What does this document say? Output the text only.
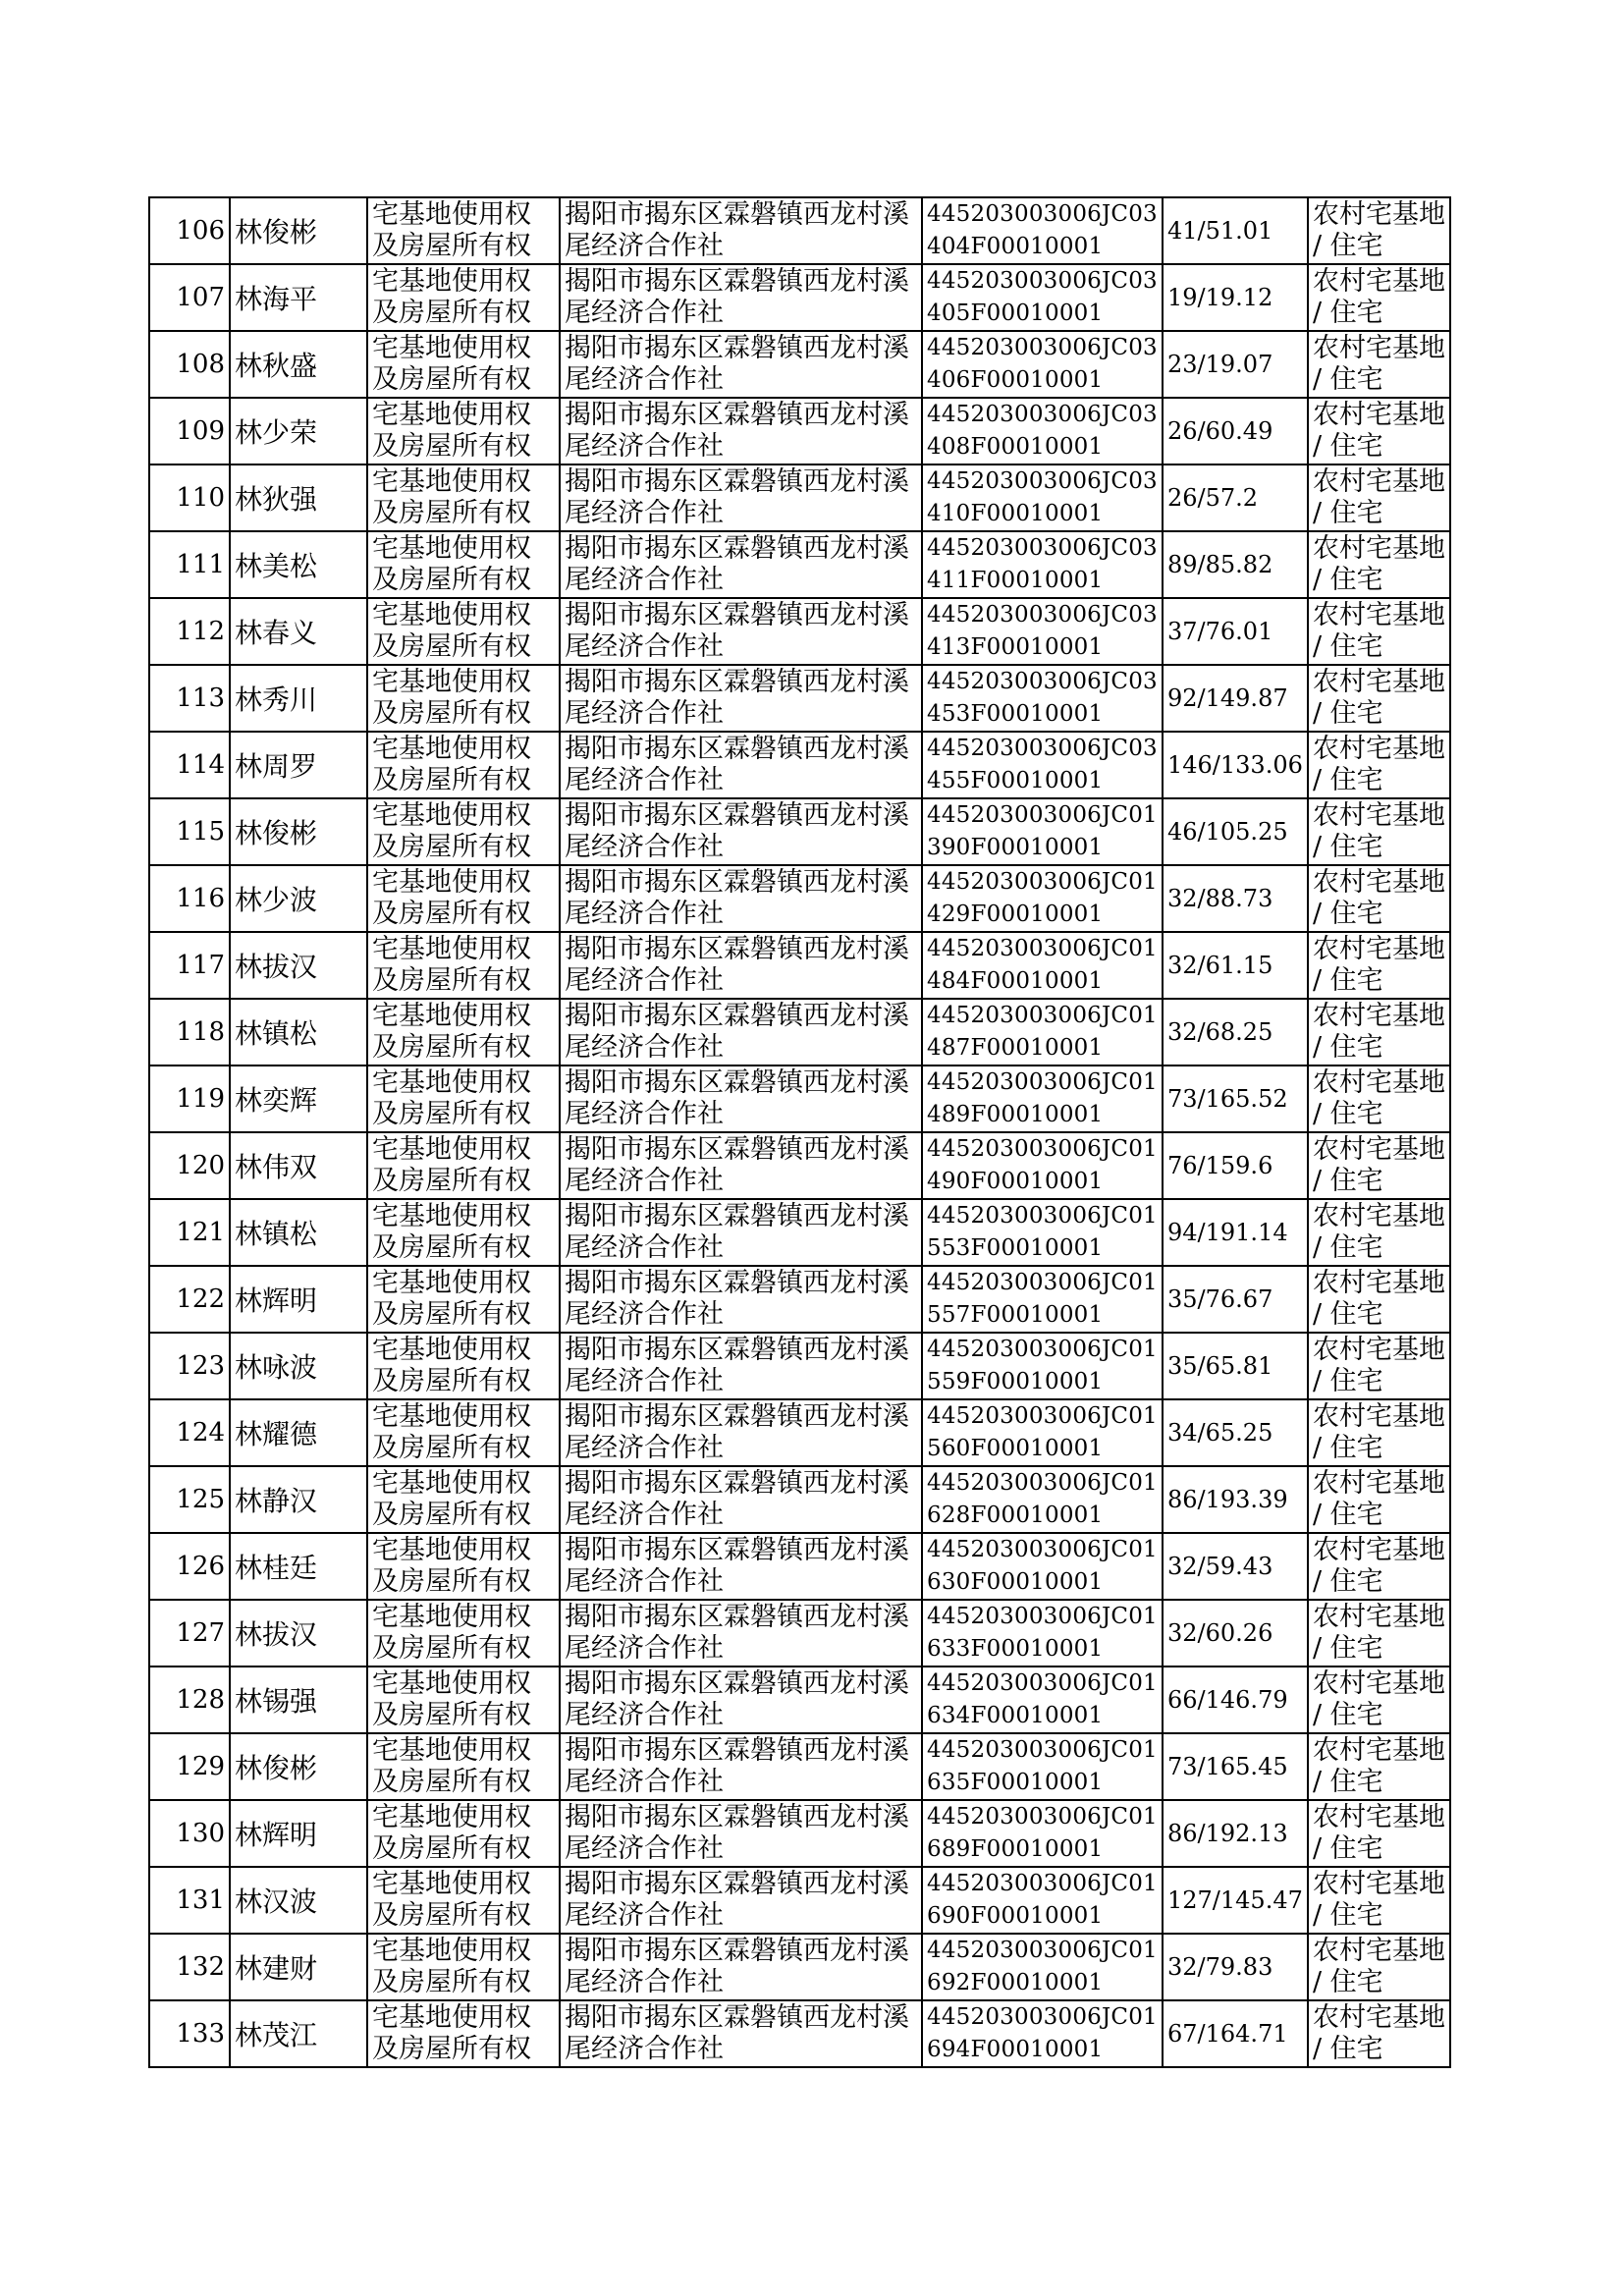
106	林俊彬	宅基地使用权及房屋所有权	揭阳市揭东区霖磐镇西龙村溪尾经济合作社	445203003006JC03404F00010001	41/51.01	农村宅基地 / 住宅
107	林海平	宅基地使用权及房屋所有权	揭阳市揭东区霖磐镇西龙村溪尾经济合作社	445203003006JC03405F00010001	19/19.12	农村宅基地 / 住宅
108	林秋盛	宅基地使用权及房屋所有权	揭阳市揭东区霖磐镇西龙村溪尾经济合作社	445203003006JC03406F00010001	23/19.07	农村宅基地 / 住宅
109	林少荣	宅基地使用权及房屋所有权	揭阳市揭东区霖磐镇西龙村溪尾经济合作社	445203003006JC03408F00010001	26/60.49	农村宅基地 / 住宅
110	林狄强	宅基地使用权及房屋所有权	揭阳市揭东区霖磐镇西龙村溪尾经济合作社	445203003006JC03410F00010001	26/57.2	农村宅基地 / 住宅
111	林美松	宅基地使用权及房屋所有权	揭阳市揭东区霖磐镇西龙村溪尾经济合作社	445203003006JC03411F00010001	89/85.82	农村宅基地 / 住宅
112	林春义	宅基地使用权及房屋所有权	揭阳市揭东区霖磐镇西龙村溪尾经济合作社	445203003006JC03413F00010001	37/76.01	农村宅基地 / 住宅
113	林秀川	宅基地使用权及房屋所有权	揭阳市揭东区霖磐镇西龙村溪尾经济合作社	445203003006JC03453F00010001	92/149.87	农村宅基地 / 住宅
114	林周罗	宅基地使用权及房屋所有权	揭阳市揭东区霖磐镇西龙村溪尾经济合作社	445203003006JC03455F00010001	146/133.06	农村宅基地 / 住宅
115	林俊彬	宅基地使用权及房屋所有权	揭阳市揭东区霖磐镇西龙村溪尾经济合作社	445203003006JC01390F00010001	46/105.25	农村宅基地 / 住宅
116	林少波	宅基地使用权及房屋所有权	揭阳市揭东区霖磐镇西龙村溪尾经济合作社	445203003006JC01429F00010001	32/88.73	农村宅基地 / 住宅
117	林拔汉	宅基地使用权及房屋所有权	揭阳市揭东区霖磐镇西龙村溪尾经济合作社	445203003006JC01484F00010001	32/61.15	农村宅基地 / 住宅
118	林镇松	宅基地使用权及房屋所有权	揭阳市揭东区霖磐镇西龙村溪尾经济合作社	445203003006JC01487F00010001	32/68.25	农村宅基地 / 住宅
119	林奕辉	宅基地使用权及房屋所有权	揭阳市揭东区霖磐镇西龙村溪尾经济合作社	445203003006JC01489F00010001	73/165.52	农村宅基地 / 住宅
120	林伟双	宅基地使用权及房屋所有权	揭阳市揭东区霖磐镇西龙村溪尾经济合作社	445203003006JC01490F00010001	76/159.6	农村宅基地 / 住宅
121	林镇松	宅基地使用权及房屋所有权	揭阳市揭东区霖磐镇西龙村溪尾经济合作社	445203003006JC01553F00010001	94/191.14	农村宅基地 / 住宅
122	林辉明	宅基地使用权及房屋所有权	揭阳市揭东区霖磐镇西龙村溪尾经济合作社	445203003006JC01557F00010001	35/76.67	农村宅基地 / 住宅
123	林咏波	宅基地使用权及房屋所有权	揭阳市揭东区霖磐镇西龙村溪尾经济合作社	445203003006JC01559F00010001	35/65.81	农村宅基地 / 住宅
124	林耀德	宅基地使用权及房屋所有权	揭阳市揭东区霖磐镇西龙村溪尾经济合作社	445203003006JC01560F00010001	34/65.25	农村宅基地 / 住宅
125	林静汉	宅基地使用权及房屋所有权	揭阳市揭东区霖磐镇西龙村溪尾经济合作社	445203003006JC01628F00010001	86/193.39	农村宅基地 / 住宅
126	林桂廷	宅基地使用权及房屋所有权	揭阳市揭东区霖磐镇西龙村溪尾经济合作社	445203003006JC01630F00010001	32/59.43	农村宅基地 / 住宅
127	林拔汉	宅基地使用权及房屋所有权	揭阳市揭东区霖磐镇西龙村溪尾经济合作社	445203003006JC01633F00010001	32/60.26	农村宅基地 / 住宅
128	林锡强	宅基地使用权及房屋所有权	揭阳市揭东区霖磐镇西龙村溪尾经济合作社	445203003006JC01634F00010001	66/146.79	农村宅基地 / 住宅
129	林俊彬	宅基地使用权及房屋所有权	揭阳市揭东区霖磐镇西龙村溪尾经济合作社	445203003006JC01635F00010001	73/165.45	农村宅基地 / 住宅
130	林辉明	宅基地使用权及房屋所有权	揭阳市揭东区霖磐镇西龙村溪尾经济合作社	445203003006JC01689F00010001	86/192.13	农村宅基地 / 住宅
131	林汉波	宅基地使用权及房屋所有权	揭阳市揭东区霖磐镇西龙村溪尾经济合作社	445203003006JC01690F00010001	127/145.47	农村宅基地 / 住宅
132	林建财	宅基地使用权及房屋所有权	揭阳市揭东区霖磐镇西龙村溪尾经济合作社	445203003006JC01692F00010001	32/79.83	农村宅基地 / 住宅
133	林茂江	宅基地使用权及房屋所有权	揭阳市揭东区霖磐镇西龙村溪尾经济合作社	445203003006JC01694F00010001	67/164.71	农村宅基地 / 住宅
